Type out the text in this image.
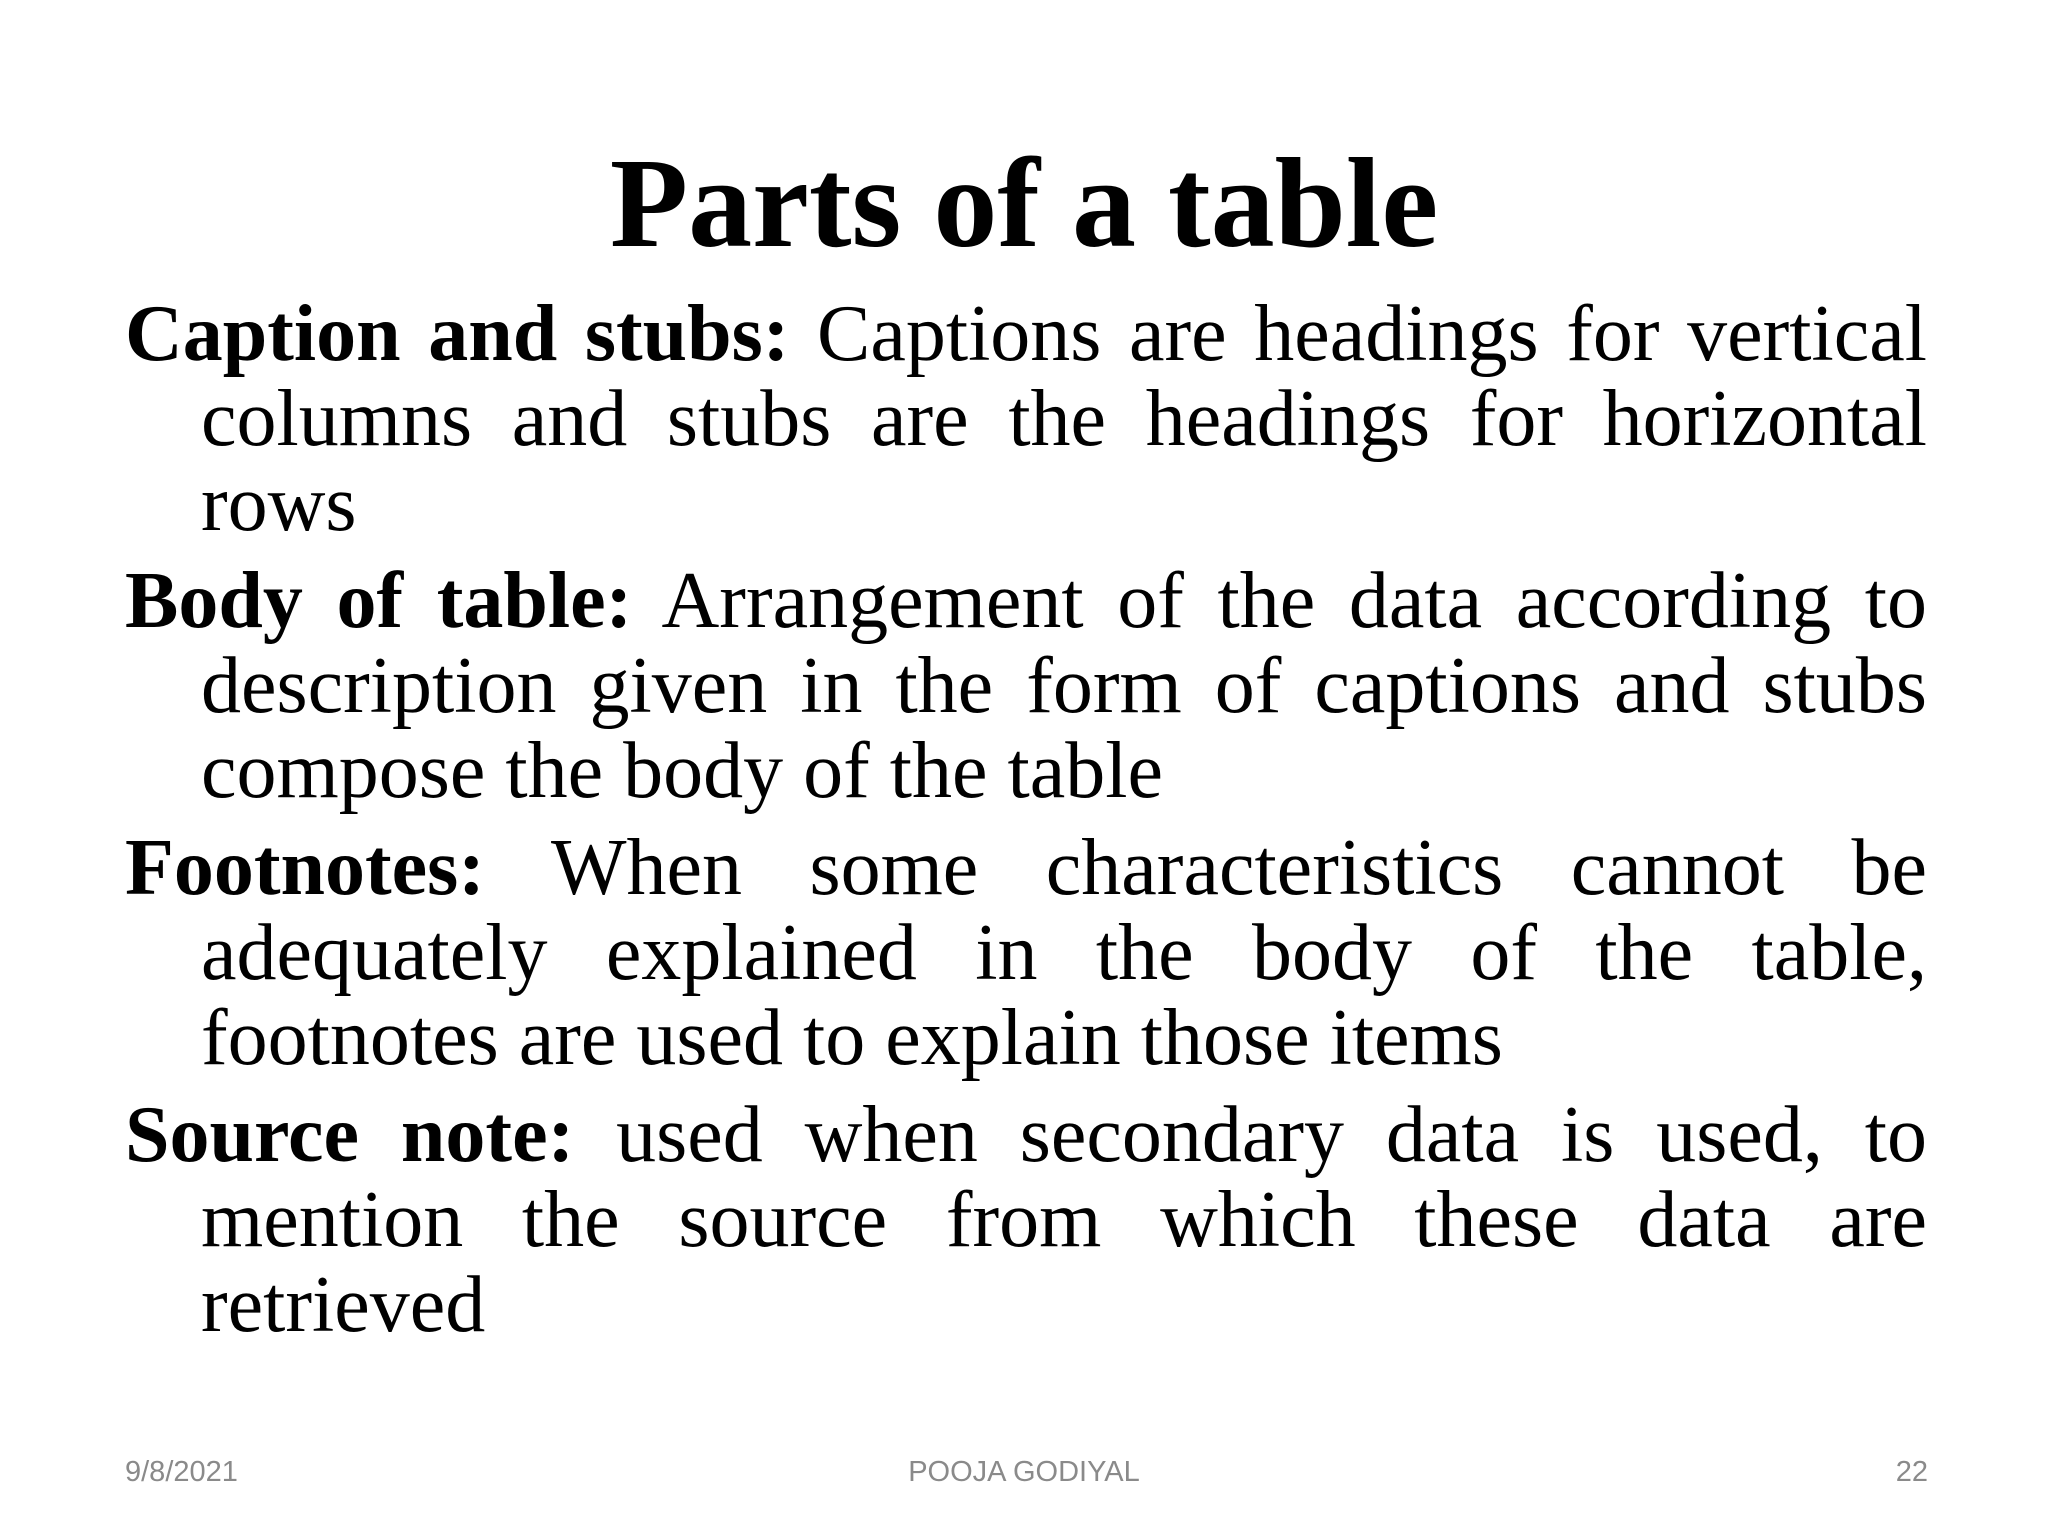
Parts of a table
Caption and stubs: Captions are headings for vertical columns and stubs are the headings for horizontal rows
Body of table: Arrangement of the data according to description given in the form of captions and stubs compose the body of the table
Footnotes: When some characteristics cannot be adequately explained in the body of the table, footnotes are used to explain those items
Source note: used when secondary data is used, to mention the source from which these data are retrieved
9/8/2021	POOJA GODIYAL	22
